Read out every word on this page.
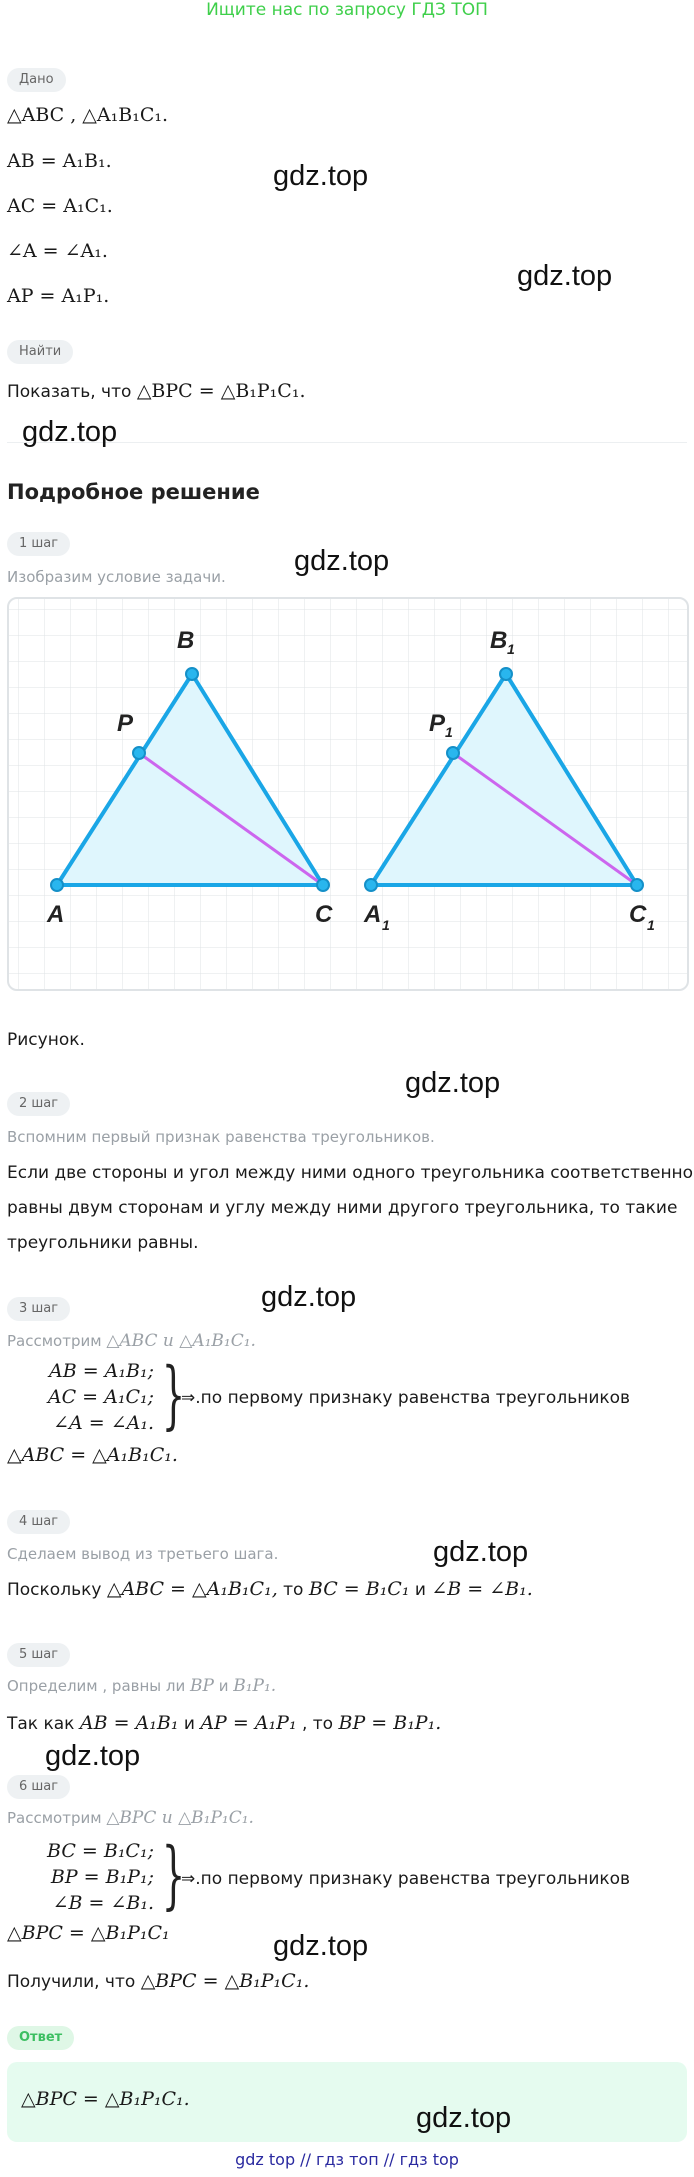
Ищите нас по запросу ГДЗ ТОП
Дано
△ABC , △A₁B₁C₁.
AB = A₁B₁.
AC = A₁C₁.
∠A = ∠A₁.
AP = A₁P₁.
Найти
Показать, что △BPC = △B₁P₁C₁.
Подробное решение
1 шаг
Изобразим условие задачи.
B
P
A	C
B 1
P 1
A 1	C 1
Рисунок.
2 шаг
Вспомним первый признак равенства треугольников.
Если две стороны и угол между ними одного треугольника соответственно
равны двум сторонам и углу между ними другого треугольника, то такие
треугольники равны.
3 шаг
Рассмотрим △ABC и △A₁B₁C₁.
AB = A₁B₁;
AC = A₁C₁;
∠A = ∠A₁. }
⇒.по первому признаку равенства треугольников
△ABC = △A₁B₁C₁.
4 шаг
Сделаем вывод из третьего шага.
Поскольку △ABC = △A₁B₁C₁, то BC = B₁C₁ и ∠B = ∠B₁.
5 шаг
Определим , равны ли BP и B₁P₁.
Так как AB = A₁B₁ и AP = A₁P₁ , то BP = B₁P₁.
6 шаг
Рассмотрим △BPC и △B₁P₁C₁.
BC = B₁C₁;
BP = B₁P₁;
∠B = ∠B₁. }
⇒.по первому признаку равенства треугольников
△BPC = △B₁P₁C₁
Получили, что △BPC = △B₁P₁C₁.
Ответ
△BPC = △B₁P₁C₁.
gdz.top
gdz.top
gdz.top
gdz.top
gdz.top
gdz.top
gdz.top
gdz.top
gdz.top
gdz.top
gdz top // гдз топ // гдз top
